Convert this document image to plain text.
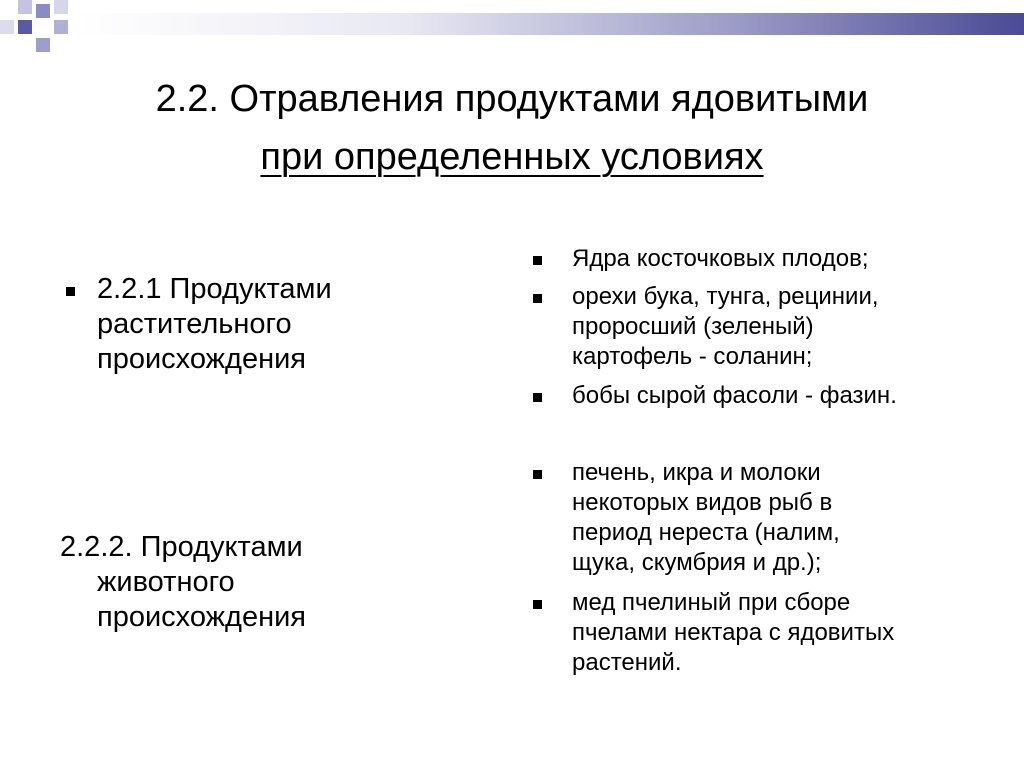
2.2. Отравления продуктами ядовитыми
при определенных условиях
2.2.1 Продуктами
растительного
происхождения
2.2.2. Продуктами
животного
происхождения
Ядра косточковых плодов;
орехи бука, тунга, рецинии,
проросший (зеленый)
картофель - соланин;
бобы сырой фасоли - фазин.
печень, икра и молоки
некоторых видов рыб в
период нереста (налим,
щука, скумбрия и др.);
мед пчелиный при сборе
пчелами нектара с ядовитых
растений.
